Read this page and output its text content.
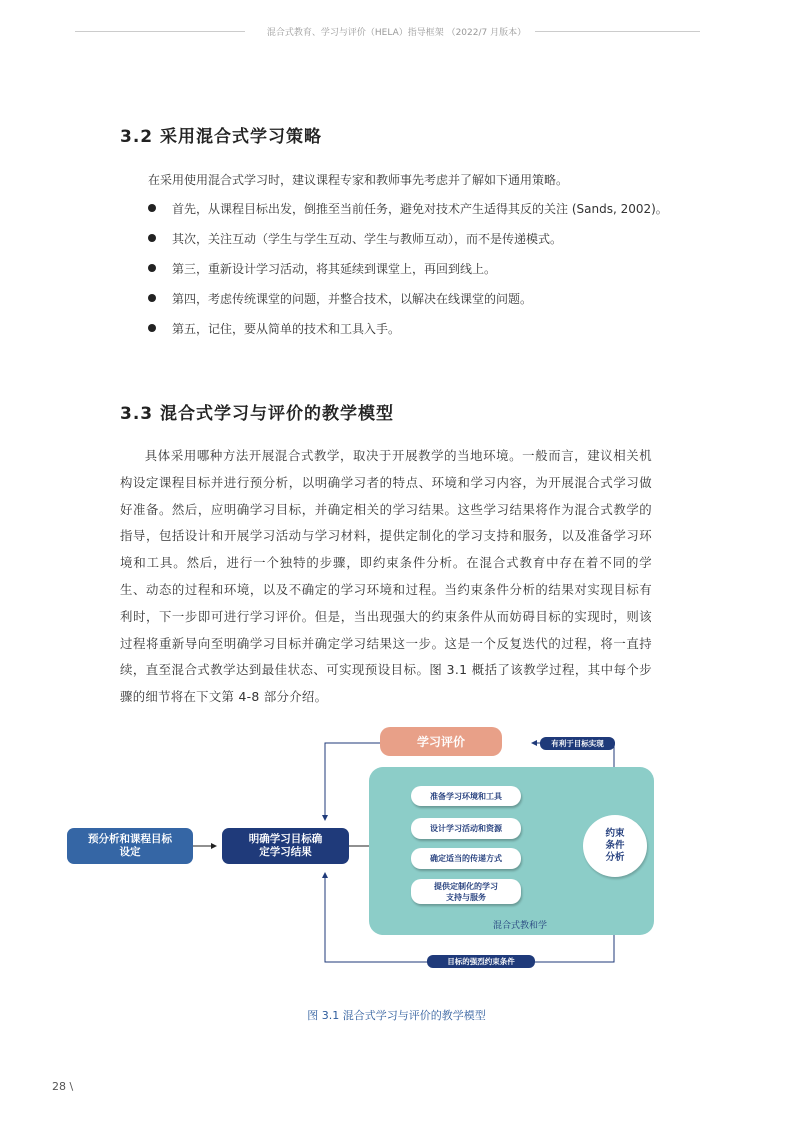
混合式教育、学习与评价（HELA）指导框架 （2022/7 月版本）
3.2 采用混合式学习策略
在采用使用混合式学习时，建议课程专家和教师事先考虑并了解如下通用策略。
首先，从课程目标出发，倒推至当前任务，避免对技术产生适得其反的关注 (Sands, 2002)。
其次，关注互动（学生与学生互动、学生与教师互动），而不是传递模式。
第三，重新设计学习活动，将其延续到课堂上，再回到线上。
第四，考虑传统课堂的问题，并整合技术，以解决在线课堂的问题。
第五，记住，要从简单的技术和工具入手。
3.3 混合式学习与评价的教学模型
具体采用哪种方法开展混合式教学，取决于开展教学的当地环境。一般而言，建议相关机构设定课程目标并进行预分析，以明确学习者的特点、环境和学习内容，为开展混合式学习做好准备。然后，应明确学习目标，并确定相关的学习结果。这些学习结果将作为混合式教学的指导，包括设计和开展学习活动与学习材料，提供定制化的学习支持和服务，以及准备学习环境和工具。然后，进行一个独特的步骤，即约束条件分析。在混合式教育中存在着不同的学生、动态的过程和环境，以及不确定的学习环境和过程。当约束条件分析的结果对实现目标有利时，下一步即可进行学习评价。但是，当出现强大的约束条件从而妨碍目标的实现时，则该过程将重新导向至明确学习目标并确定学习结果这一步。这是一个反复迭代的过程，将一直持续，直至混合式教学达到最佳状态、可实现预设目标。图 3.1 概括了该教学过程，其中每个步骤的细节将在下文第 4-8 部分介绍。
学习评价	有利于目标实现
预分析和课程目标设定
明确学习目标确定学习结果
准备学习环境和工具
设计学习活动和资源
确定适当的传递方式
提供定制化的学习支持与服务
约束条件分析
混合式教和学
目标的强烈约束条件
图 3.1 混合式学习与评价的教学模型
28 \
